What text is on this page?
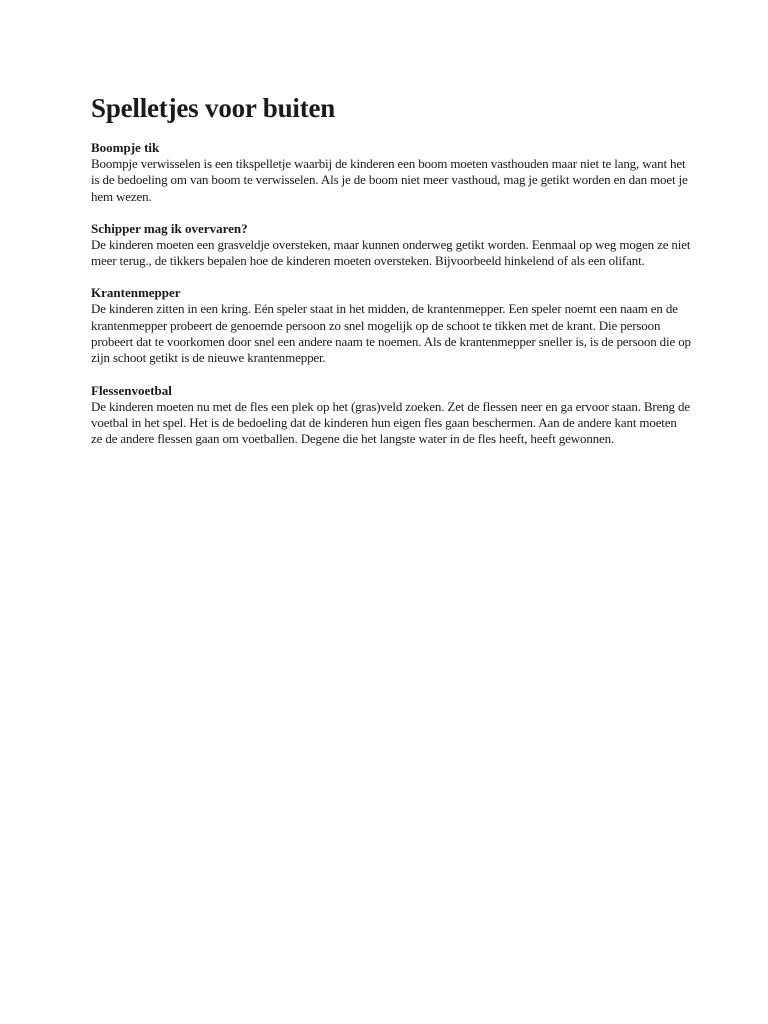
Spelletjes voor buiten

Boompje tik

Boompje verwisselen is een tikspelletje waarbij de kinderen een boom moeten vasthouden maar niet te lang, want het is de bedoeling om van boom te verwisselen. Als je de boom niet meer vasthoud, mag je getikt worden en dan moet je hem wezen.

Schipper mag ik overvaren?

De kinderen moeten een grasveldje oversteken, maar kunnen onderweg getikt worden. Eenmaal op weg mogen ze niet meer terug., de tikkers bepalen hoe de kinderen moeten oversteken. Bijvoorbeeld hinkelend of als een olifant.

Krantenmepper

De kinderen zitten in een kring. Eén speler staat in het midden, de krantenmepper. Een speler noemt een naam en de krantenmepper probeert de genoemde persoon zo snel mogelijk op de schoot te tikken met de krant. Die persoon probeert dat te voorkomen door snel een andere naam te noemen. Als de krantenmepper sneller is, is de persoon die op zijn schoot getikt is de nieuwe krantenmepper.

Flessenvoetbal

De kinderen moeten nu met de fles een plek op het (gras)veld zoeken. Zet de flessen neer en ga ervoor staan. Breng de voetbal in het spel. Het is de bedoeling dat de kinderen hun eigen fles gaan beschermen. Aan de andere kant moeten ze de andere flessen gaan om voetballen. Degene die het langste water in de fles heeft, heeft gewonnen.
